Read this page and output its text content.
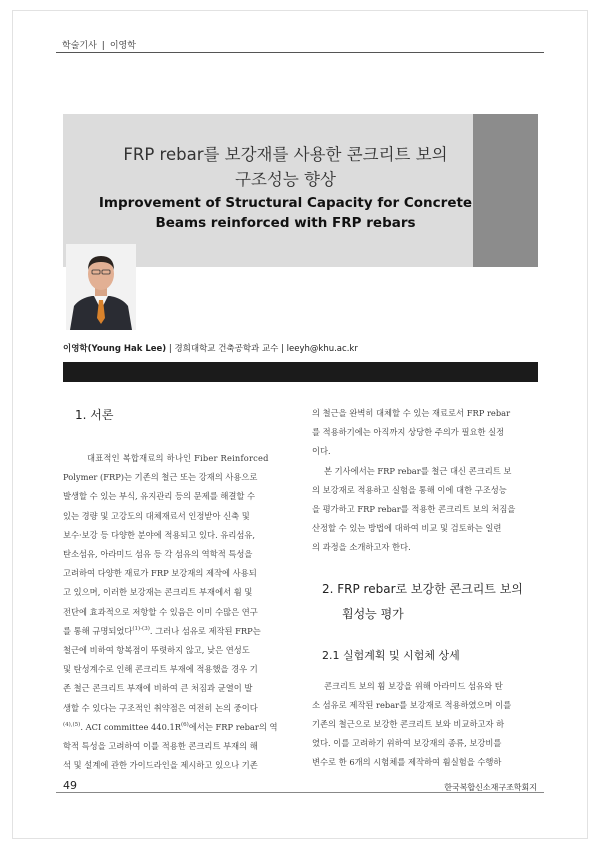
학술기사 | 이영학
FRP rebar를 보강재를 사용한 콘크리트 보의
구조성능 향상
Improvement of Structural Capacity for Concrete
Beams reinforced with FRP rebars
이영학(Young Hak Lee) | 경희대학교 건축공학과 교수 | leeyh@khu.ac.kr
1. 서론
대표적인 복합재료의 하나인 Fiber Reinforced
Polymer (FRP)는 기존의 철근 또는 강재의 사용으로
발생할 수 있는 부식, 유지관리 등의 문제를 해결할 수
있는 경량 및 고강도의 대체재료서 인정받아 신축 및
보수·보강 등 다양한 분야에 적용되고 있다. 유리섬유,
탄소섬유, 아라미드 섬유 등 각 섬유의 역학적 특성을
고려하여 다양한 재료가 FRP 보강재의 제작에 사용되
고 있으며, 이러한 보강재는 콘크리트 부재에서 휨 및
전단에 효과적으로 저항할 수 있음은 이미 수많은 연구
를 통해 규명되었다$^{(1)-(3)}$. 그러나 섬유로 제작된 FRP는
철근에 비하여 항복점이 뚜렷하지 않고, 낮은 연성도
및 탄성계수로 인해 콘크리트 부재에 적용했을 경우 기
존 철근 콘크리트 부재에 비하여 큰 처짐과 균열이 발
생할 수 있다는 구조적인 취약점은 여전히 논의 중이다
$^{(4),(5)}$. ACI committee $440.1R^{(6)}$에서는 FRP rebar의 역
학적 특성을 고려하여 이를 적용한 콘크리트 부재의 해
석 및 설계에 관한 가이드라인을 제시하고 있으나 기존
의 철근을 완벽히 대체할 수 있는 재료로서 FRP rebar
를 적용하기에는 아직까지 상당한 주의가 필요한 실정
이다.
본 기사에서는 FRP rebar를 철근 대신 콘크리트 보
의 보강재로 적용하고 실험을 통해 이에 대한 구조성능
을 평가하고 FRP rebar를 적용한 콘크리트 보의 처짐을
산정할 수 있는 방법에 대하여 비교 및 검토하는 일련
의 과정을 소개하고자 한다.
2. FRP rebar로 보강한 콘크리트 보의
휨성능 평가
2.1 실험계획 및 시험체 상세
콘크리트 보의 휨 보강을 위해 아라미드 섬유와 탄
소 섬유로 제작된 rebar를 보강재로 적용하였으며 이를
기존의 철근으로 보강한 콘크리트 보와 비교하고자 하
였다. 이를 고려하기 위하여 보강재의 종류, 보강비를
변수로 한 6개의 시험체를 제작하여 휨실험을 수행하
49	한국복합신소재구조학회지
